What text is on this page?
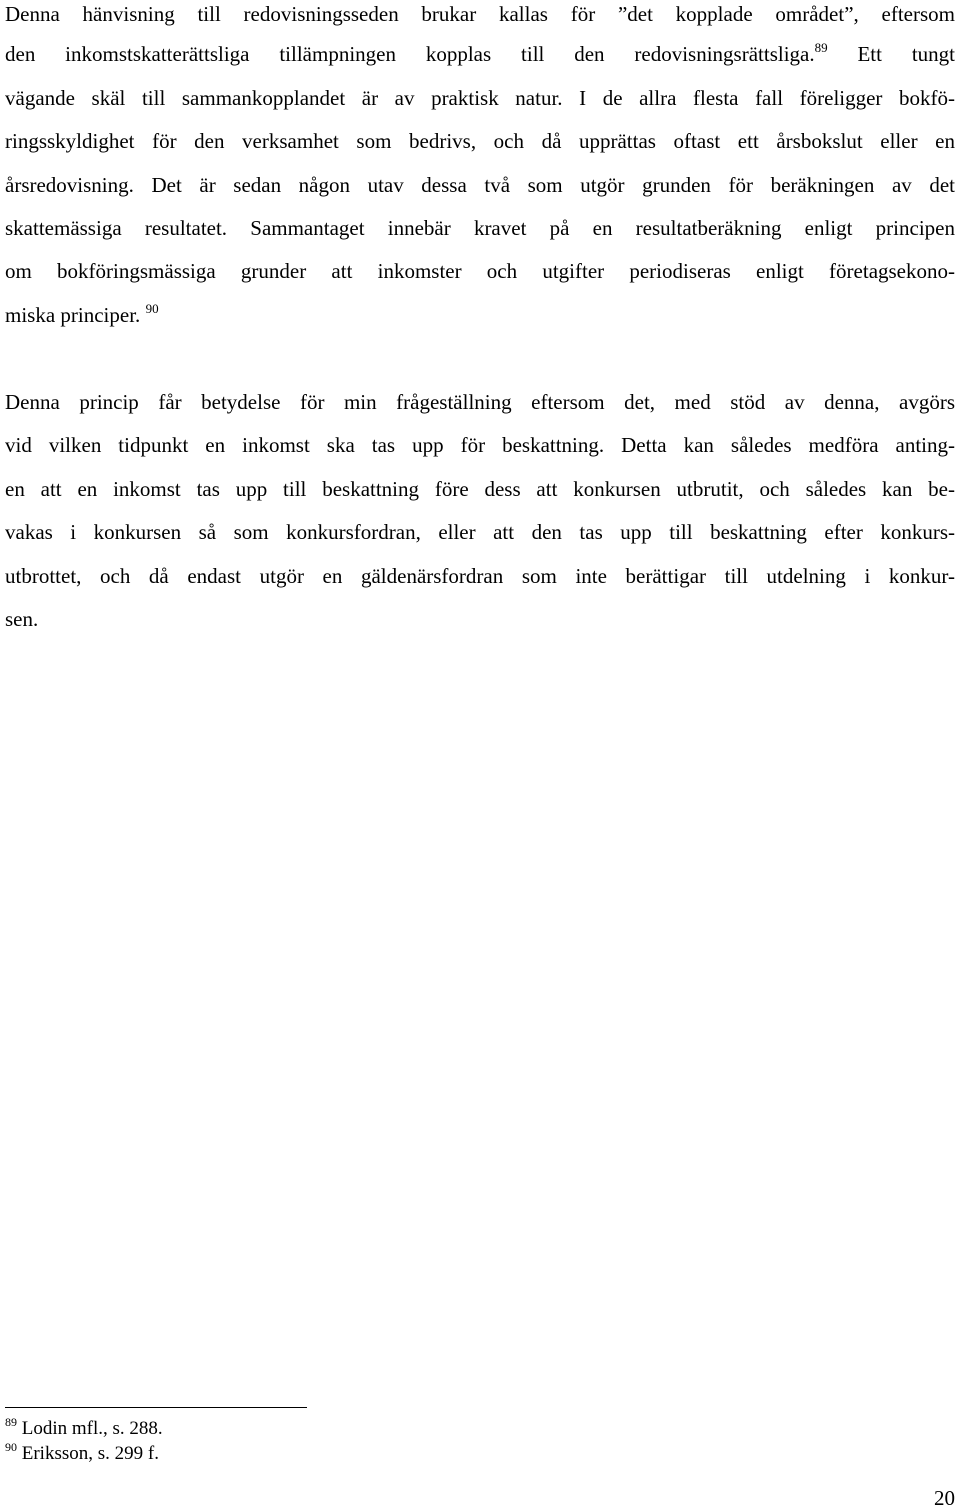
Denna hänvisning till redovisningsseden brukar kallas för ”det kopplade området”, eftersom
den inkomstskatterättsliga tillämpningen kopplas till den redovisningsrättsliga.$^{89}$ Ett tungt
vägande skäl till sammankopplandet är av praktisk natur. I de allra flesta fall föreligger bokfö-
ringsskyldighet för den verksamhet som bedrivs, och då upprättas oftast ett årsbokslut eller en
årsredovisning. Det är sedan någon utav dessa två som utgör grunden för beräkningen av det
skattemässiga resultatet. Sammantaget innebär kravet på en resultatberäkning enligt principen
om bokföringsmässiga grunder att inkomster och utgifter periodiseras enligt företagsekono-
miska principer. $^{90}$
Denna princip får betydelse för min frågeställning eftersom det, med stöd av denna, avgörs
vid vilken tidpunkt en inkomst ska tas upp för beskattning. Detta kan således medföra anting-
en att en inkomst tas upp till beskattning före dess att konkursen utbrutit, och således kan be-
vakas i konkursen så som konkursfordran, eller att den tas upp till beskattning efter konkurs-
utbrottet, och då endast utgör en gäldenärsfordran som inte berättigar till utdelning i konkur-
sen.
$^{89}$ Lodin mfl., s. 288.
$^{90}$ Eriksson, s. 299 f.
20
